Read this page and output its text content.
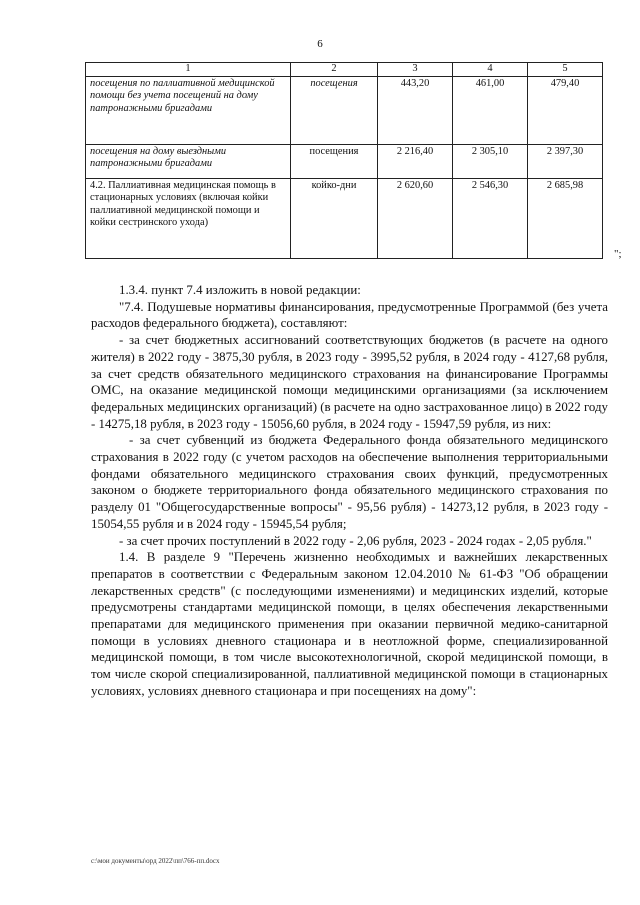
6
1	2	3	4	5
посещения по паллиативной медицинской помощи без учета посещений на дому патронажными бригадами	посещения	443,20	461,00	479,40
посещения на дому выездными патронажными бригадами	посещения	2 216,40	2 305,10	2 397,30
4.2. Паллиативная медицинская помощь в стационарных условиях (включая койки паллиативной медицинской помощи и койки сестринского ухода)	койко-дни	2 620,60	2 546,30	2 685,98
";

1.3.4. пункт 7.4 изложить в новой редакции:

"7.4. Подушевые нормативы финансирования, предусмотренные Программой (без учета расходов федерального бюджета), составляют:

- за счет бюджетных ассигнований соответствующих бюджетов (в расчете на одного жителя) в 2022 году - 3875,30 рубля, в 2023 году - 3995,52 рубля, в 2024 году - 4127,68 рубля, за счет средств обязательного медицинского страхования на финансирование Программы ОМС, на оказание медицинской помощи медицинскими организациями (за исключением федеральных медицинских организаций) (в расчете на одно застрахованное лицо) в 2022 году - 14275,18 рубля, в 2023 году - 15056,60 рубля, в 2024 году - 15947,59 рубля, из них:

- за счет субвенций из бюджета Федерального фонда обязательного медицинского страхования в 2022 году (с учетом расходов на обеспечение выполнения территориальными фондами обязательного медицинского страхования своих функций, предусмотренных законом о бюджете территориального фонда обязательного медицинского страхования по разделу 01 "Общегосударственные вопросы" - 95,56 рубля) - 14273,12 рубля, в 2023 году - 15054,55 рубля и в 2024 году - 15945,54 рубля;

- за счет прочих поступлений в 2022 году - 2,06 рубля, 2023 - 2024 годах - 2,05 рубля."

1.4. В разделе 9 "Перечень жизненно необходимых и важнейших лекарственных препаратов в соответствии с Федеральным законом 12.04.2010 № 61-ФЗ "Об обращении лекарственных средств" (с последующими изменениями) и медицинских изделий, которые предусмотрены стандартами медицинской помощи, в целях обеспечения лекарственными препаратами для медицинского применения при оказании первичной медико-санитарной помощи в условиях дневного стационара и в неотложной форме, специализированной медицинской помощи, в том числе высокотехнологичной, скорой медицинской помощи, в том числе скорой специализированной, паллиативной медицинской помощи в стационарных условиях, условиях дневного стационара и при посещениях на дому":

c:\мои документы\орд 2022\пп\766-пп.docx
